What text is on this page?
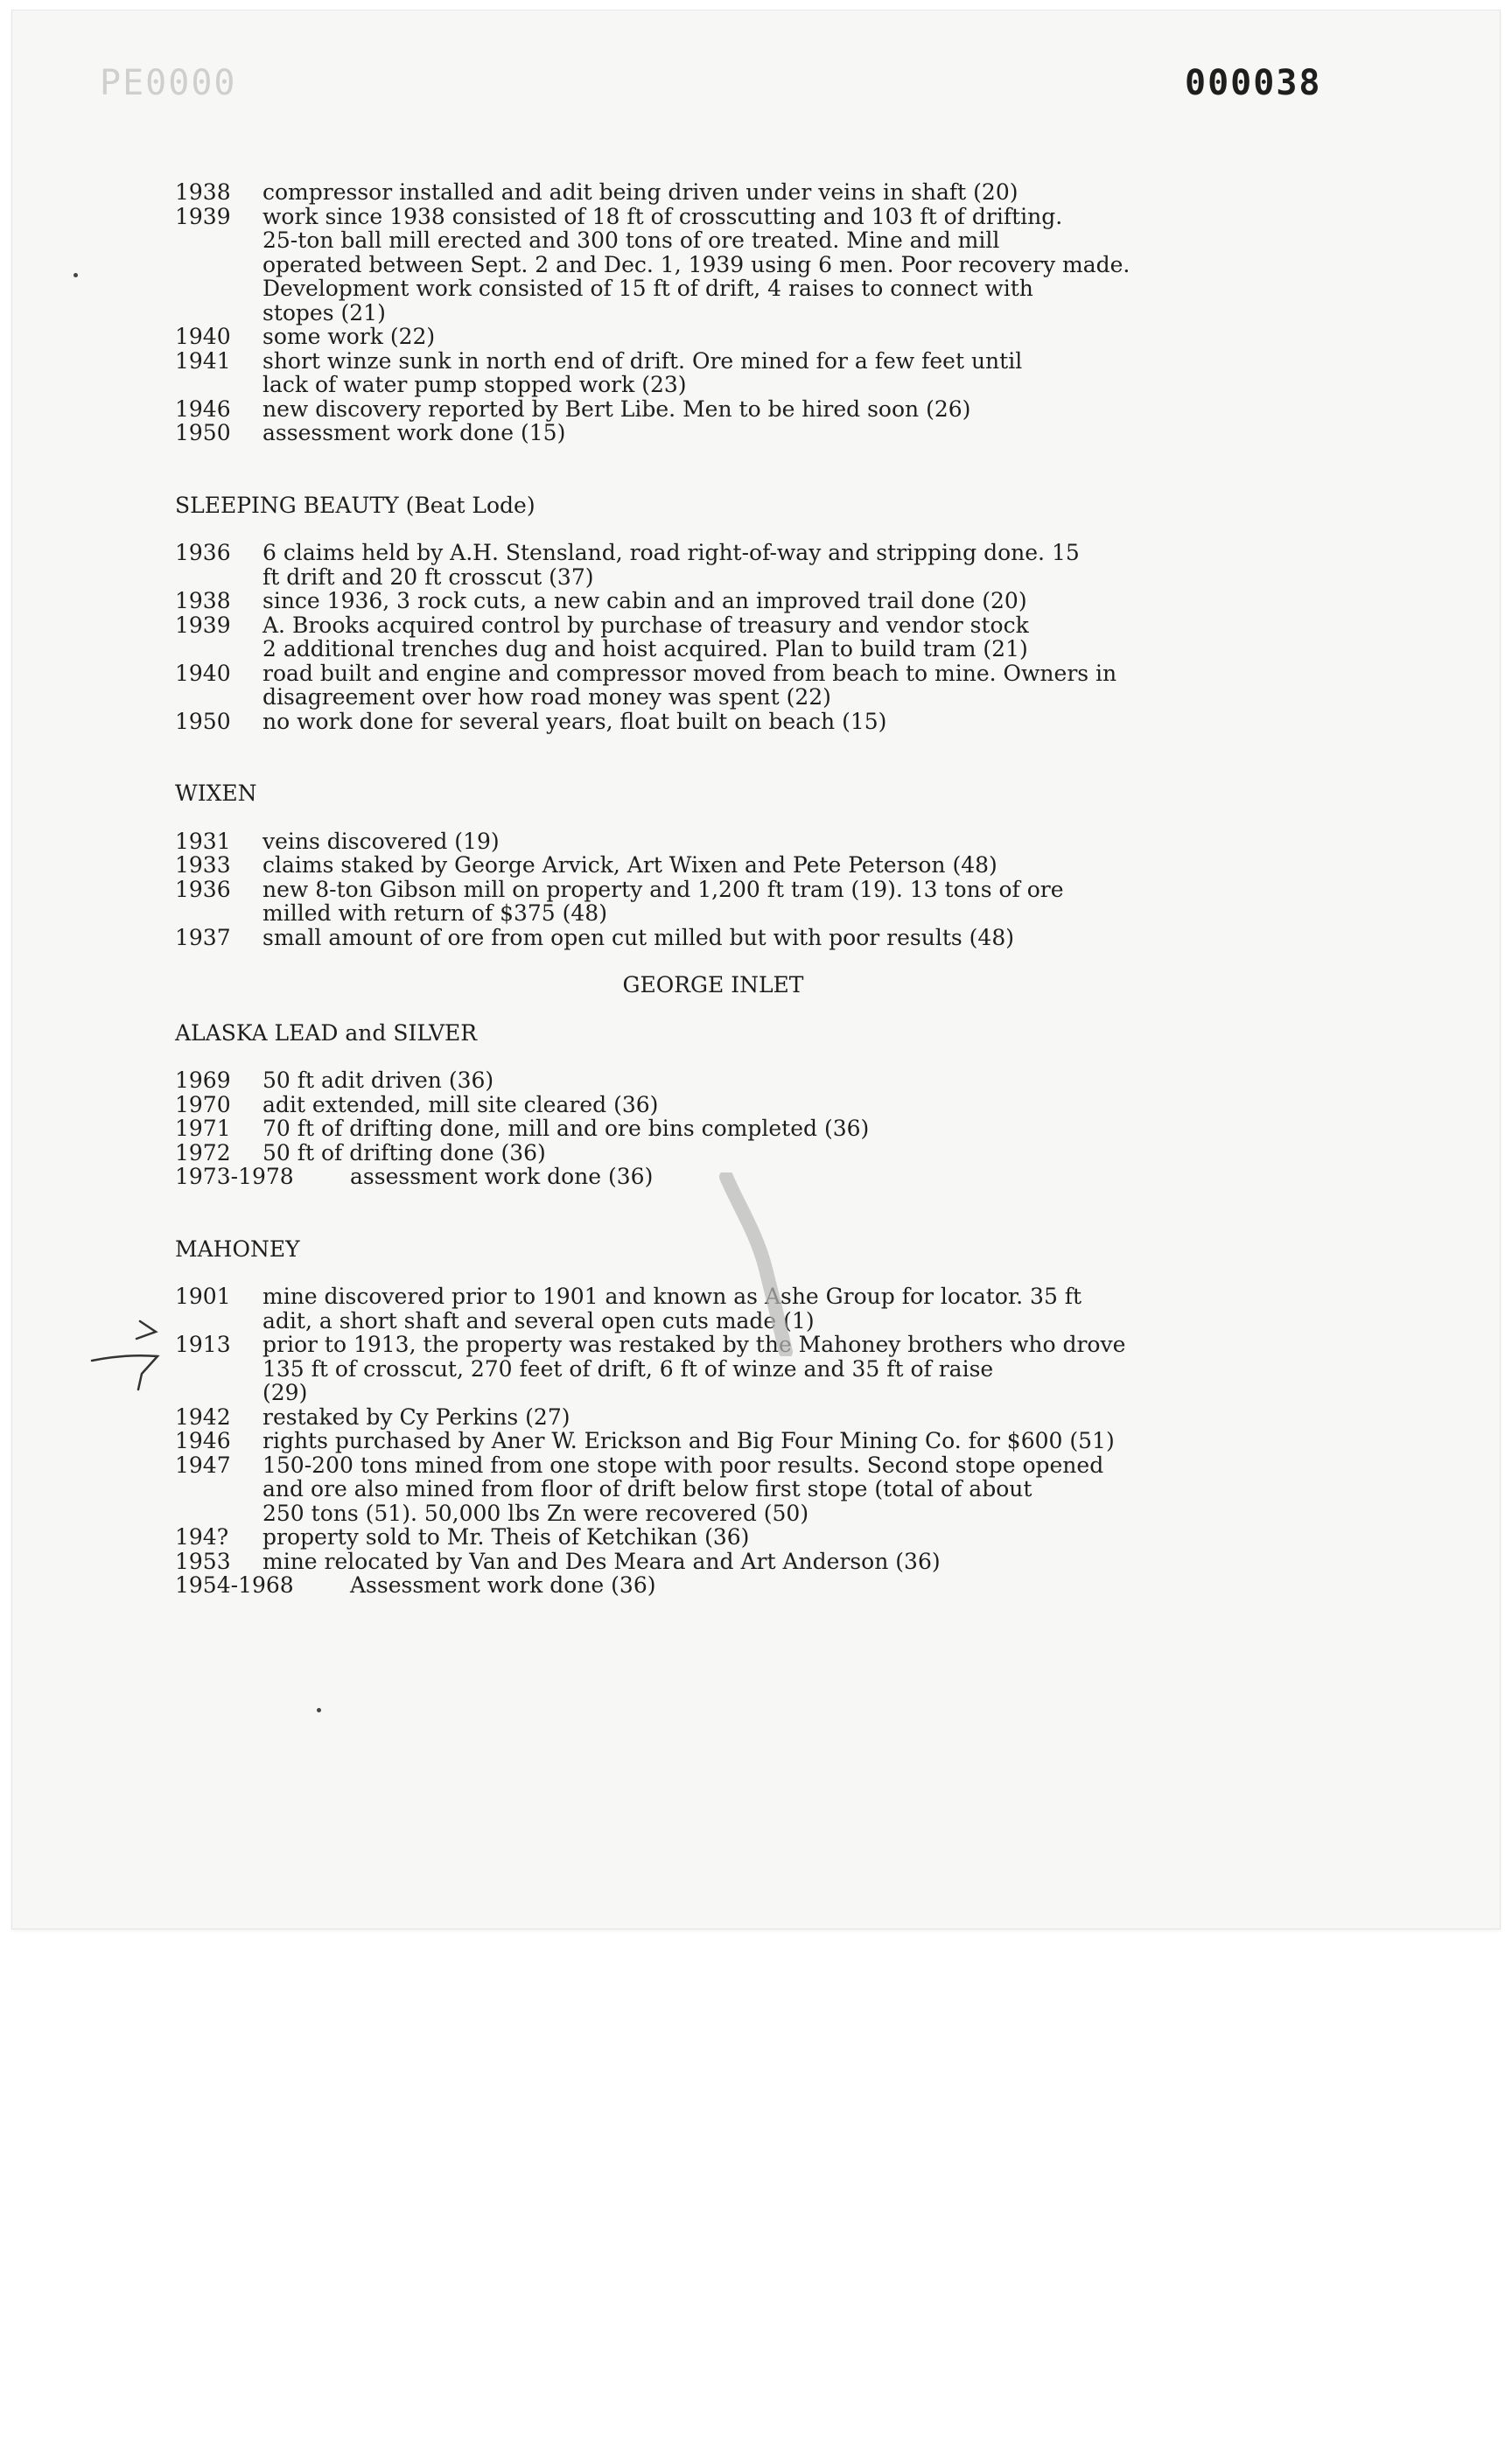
PE0000	000038
1938	compressor installed and adit being driven under veins in shaft (20)
1939	work since 1938 consisted of 18 ft of crosscutting and 103 ft of drifting.
25-ton ball mill erected and 300 tons of ore treated. Mine and mill
operated between Sept. 2 and Dec. 1, 1939 using 6 men. Poor recovery made.
Development work consisted of 15 ft of drift, 4 raises to connect with
stopes (21)
1940	some work (22)
1941	short winze sunk in north end of drift. Ore mined for a few feet until
lack of water pump stopped work (23)
1946	new discovery reported by Bert Libe. Men to be hired soon (26)
1950	assessment work done (15)
SLEEPING BEAUTY (Beat Lode)
1936	6 claims held by A.H. Stensland, road right-of-way and stripping done. 15
ft drift and 20 ft crosscut (37)
1938	since 1936, 3 rock cuts, a new cabin and an improved trail done (20)
1939	A. Brooks acquired control by purchase of treasury and vendor stock
2 additional trenches dug and hoist acquired. Plan to build tram (21)
1940	road built and engine and compressor moved from beach to mine. Owners in
disagreement over how road money was spent (22)
1950	no work done for several years, float built on beach (15)
WIXEN
1931	veins discovered (19)
1933	claims staked by George Arvick, Art Wixen and Pete Peterson (48)
1936	new 8-ton Gibson mill on property and 1,200 ft tram (19). 13 tons of ore
milled with return of $375 (48)
1937	small amount of ore from open cut milled but with poor results (48)
GEORGE INLET
ALASKA LEAD and SILVER
1969	50 ft adit driven (36)
1970	adit extended, mill site cleared (36)
1971	70 ft of drifting done, mill and ore bins completed (36)
1972	50 ft of drifting done (36)
1973-1978	assessment work done (36)
MAHONEY
1901	mine discovered prior to 1901 and known as Ashe Group for locator. 35 ft
adit, a short shaft and several open cuts made (1)
1913	prior to 1913, the property was restaked by the Mahoney brothers who drove
135 ft of crosscut, 270 feet of drift, 6 ft of winze and 35 ft of raise
(29)
1942	restaked by Cy Perkins (27)
1946	rights purchased by Aner W. Erickson and Big Four Mining Co. for $600 (51)
1947	150-200 tons mined from one stope with poor results. Second stope opened
and ore also mined from floor of drift below first stope (total of about
250 tons (51). 50,000 lbs Zn were recovered (50)
194?	property sold to Mr. Theis of Ketchikan (36)
1953	mine relocated by Van and Des Meara and Art Anderson (36)
1954-1968	Assessment work done (36)
